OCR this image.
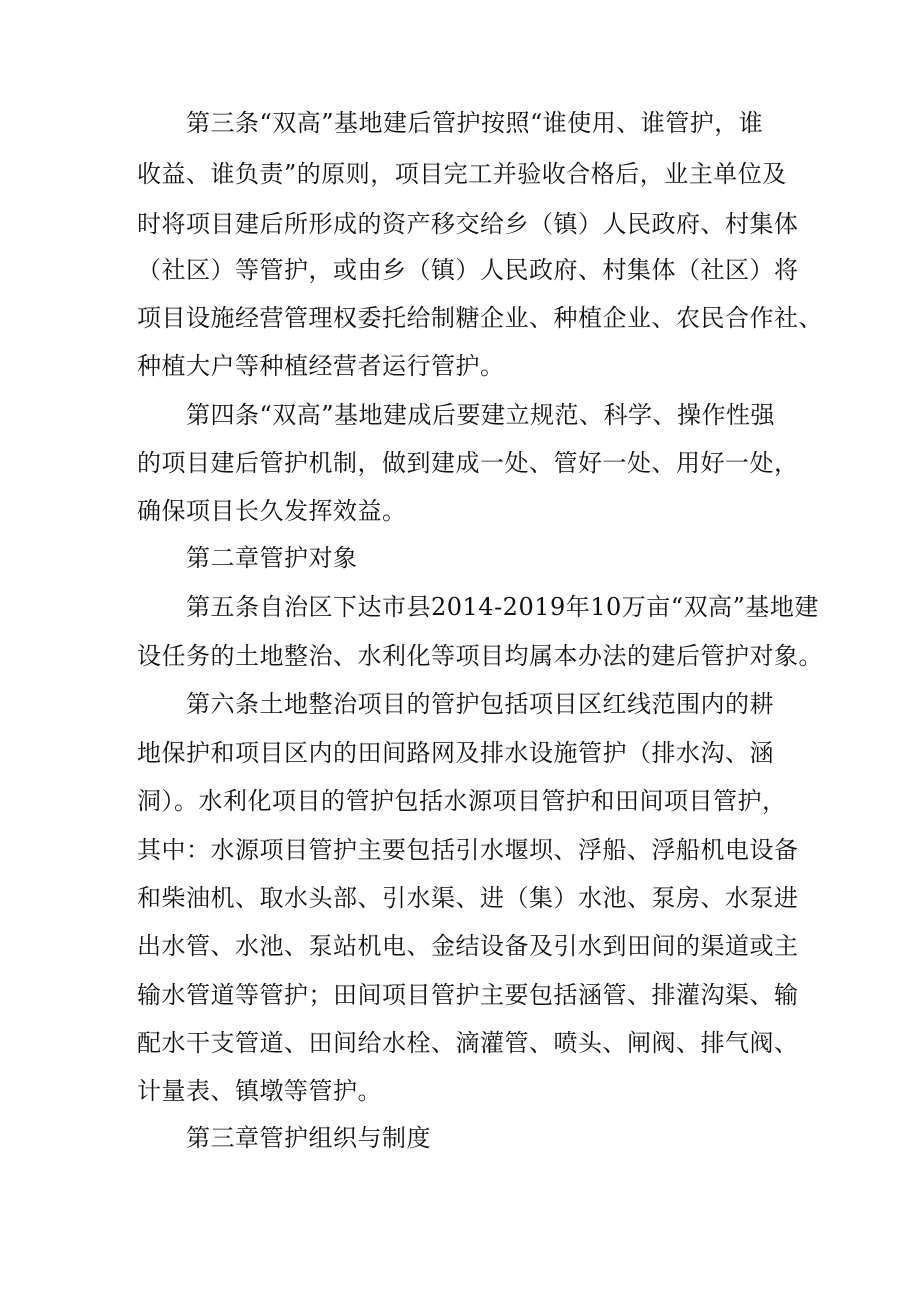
第三条“双高”基地建后管护按照“谁使用、谁管护，谁
收益、谁负责”的原则，项目完工并验收合格后，业主单位及
时将项目建后所形成的资产移交给乡（镇）人民政府、村集体
（社区）等管护，或由乡（镇）人民政府、村集体（社区）将
项目设施经营管理权委托给制糖企业、种植企业、农民合作社、
种植大户等种植经营者运行管护。
第四条“双高”基地建成后要建立规范、科学、操作性强
的项目建后管护机制，做到建成一处、管好一处、用好一处，
确保项目长久发挥效益。
第二章管护对象
第五条自治区下达市县2014-2019年10万亩“双高”基地建
设任务的土地整治、水利化等项目均属本办法的建后管护对象。
第六条土地整治项目的管护包括项目区红线范围内的耕
地保护和项目区内的田间路网及排水设施管护（排水沟、涵
洞）。水利化项目的管护包括水源项目管护和田间项目管护，
其中：水源项目管护主要包括引水堰坝、浮船、浮船机电设备
和柴油机、取水头部、引水渠、进（集）水池、泵房、水泵进
出水管、水池、泵站机电、金结设备及引水到田间的渠道或主
输水管道等管护；田间项目管护主要包括涵管、排灌沟渠、输
配水干支管道、田间给水栓、滴灌管、喷头、闸阀、排气阀、
计量表、镇墩等管护。
第三章管护组织与制度
